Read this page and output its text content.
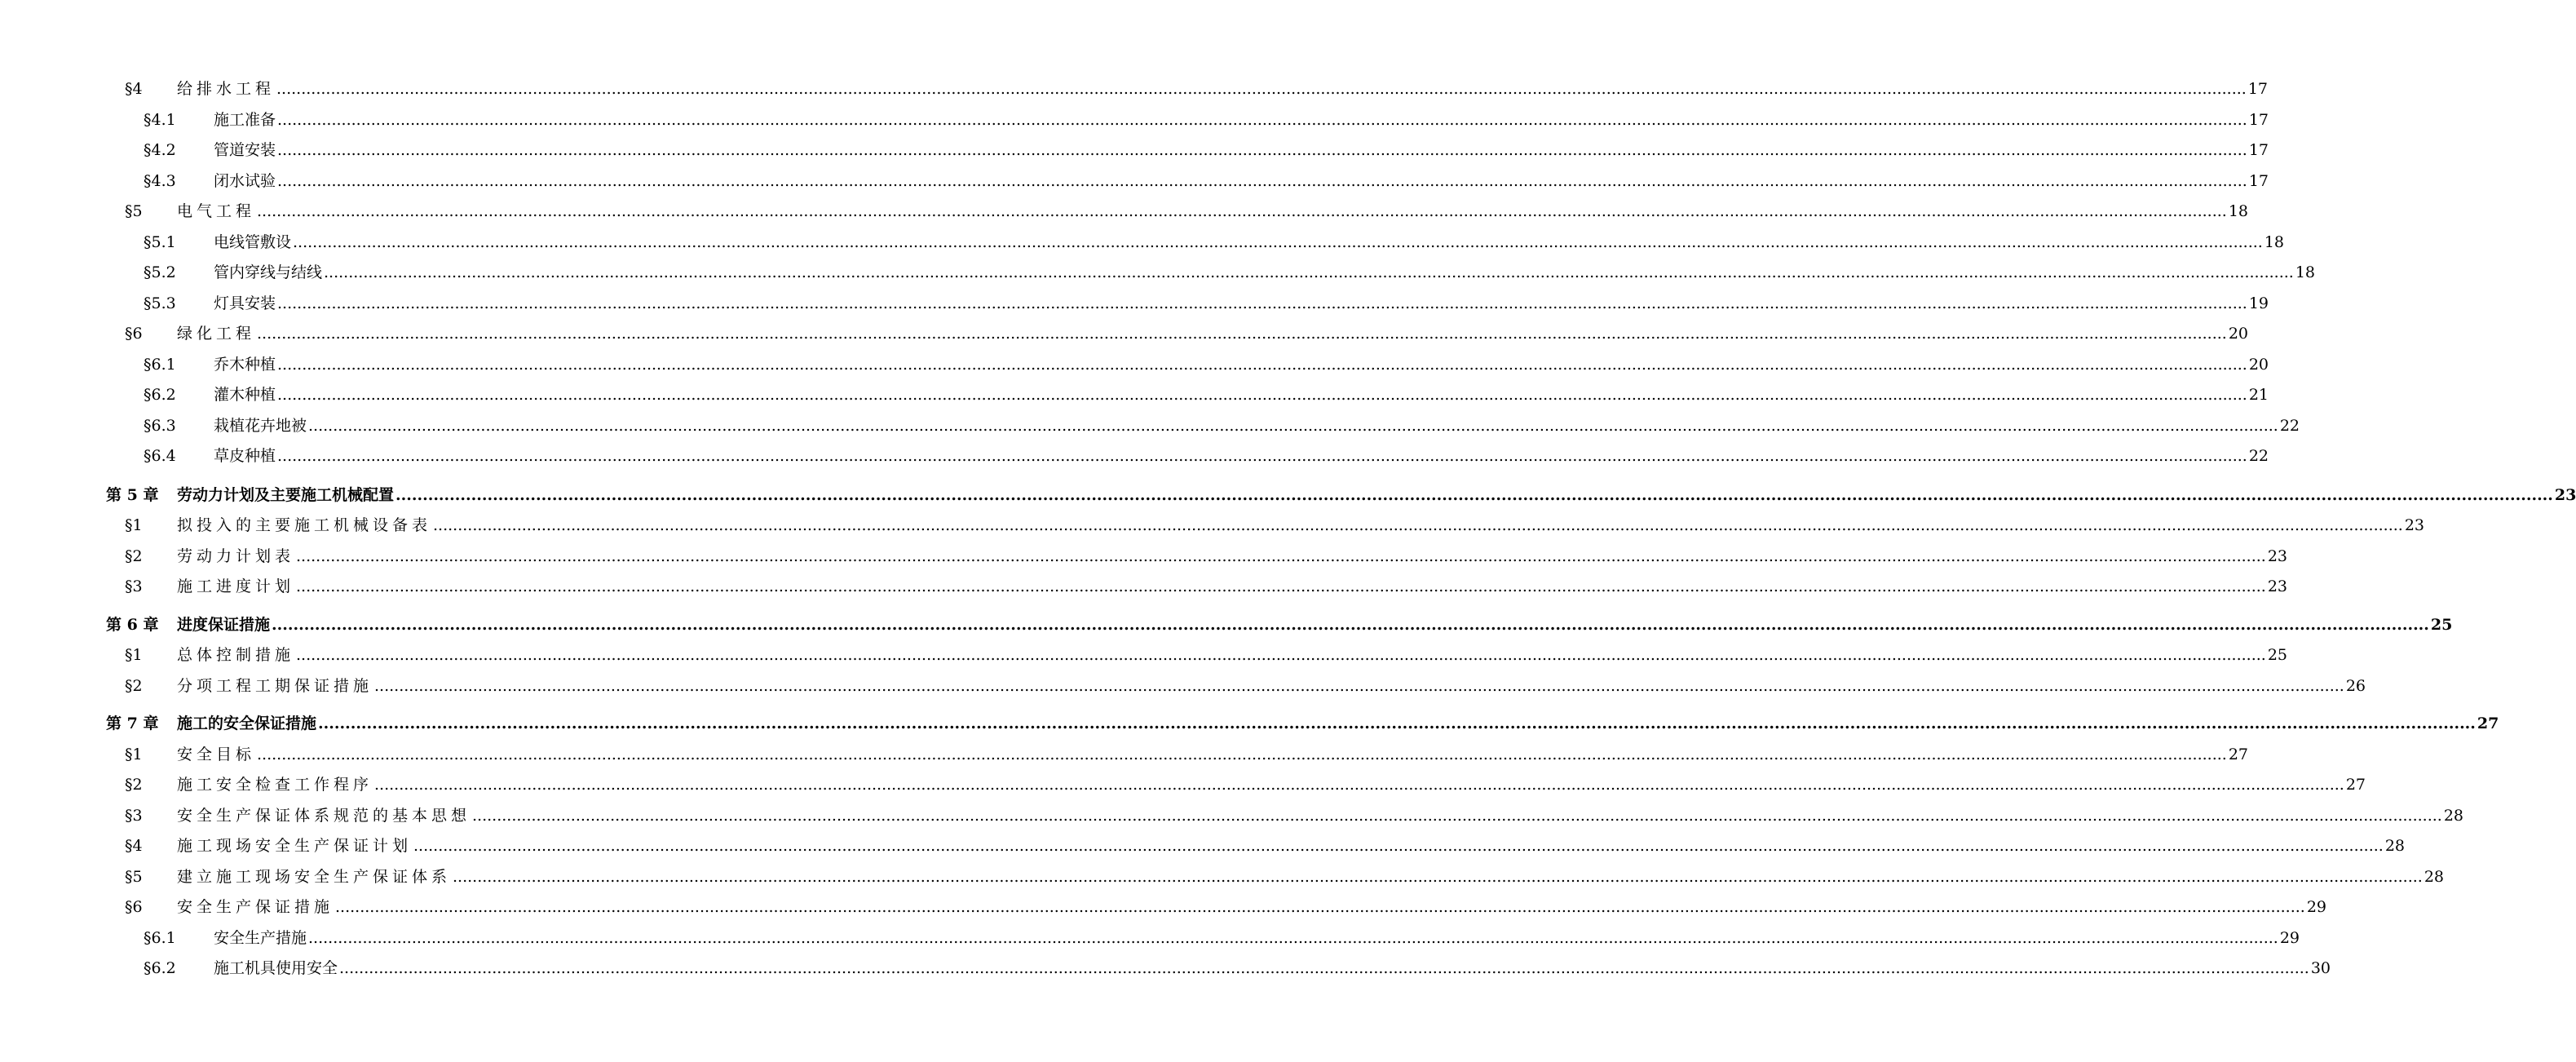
§4	给排水工程 ................................................................................................................................................................................................................................................................................................................................................................................................................ 17
§4.1	施工准备 ................................................................................................................................................................................................................................................................................................................................................................................................................ 17
§4.2	管道安装 ................................................................................................................................................................................................................................................................................................................................................................................................................ 17
§4.3	闭水试验 ................................................................................................................................................................................................................................................................................................................................................................................................................ 17
§5	电气工程 ................................................................................................................................................................................................................................................................................................................................................................................................................ 18
§5.1	电线管敷设 ................................................................................................................................................................................................................................................................................................................................................................................................................ 18
§5.2	管内穿线与结线 ................................................................................................................................................................................................................................................................................................................................................................................................................ 18
§5.3	灯具安装 ................................................................................................................................................................................................................................................................................................................................................................................................................ 19
§6	绿化工程 ................................................................................................................................................................................................................................................................................................................................................................................................................ 20
§6.1	乔木种植 ................................................................................................................................................................................................................................................................................................................................................................................................................ 20
§6.2	灌木种植 ................................................................................................................................................................................................................................................................................................................................................................................................................ 21
§6.3	栽植花卉地被 ................................................................................................................................................................................................................................................................................................................................................................................................................ 22
§6.4	草皮种植 ................................................................................................................................................................................................................................................................................................................................................................................................................ 22
第 5 章	劳动力计划及主要施工机械配置 ................................................................................................................................................................................................................................................................................................................................................................................................................ 23
§1	拟投入的主要施工机械设备表 ................................................................................................................................................................................................................................................................................................................................................................................................................ 23
§2	劳动力计划表 ................................................................................................................................................................................................................................................................................................................................................................................................................ 23
§3	施工进度计划 ................................................................................................................................................................................................................................................................................................................................................................................................................ 23
第 6 章	进度保证措施 ................................................................................................................................................................................................................................................................................................................................................................................................................ 25
§1	总体控制措施 ................................................................................................................................................................................................................................................................................................................................................................................................................ 25
§2	分项工程工期保证措施 ................................................................................................................................................................................................................................................................................................................................................................................................................ 26
第 7 章	施工的安全保证措施 ................................................................................................................................................................................................................................................................................................................................................................................................................ 27
§1	安全目标 ................................................................................................................................................................................................................................................................................................................................................................................................................ 27
§2	施工安全检查工作程序 ................................................................................................................................................................................................................................................................................................................................................................................................................ 27
§3	安全生产保证体系规范的基本思想 ................................................................................................................................................................................................................................................................................................................................................................................................................ 28
§4	施工现场安全生产保证计划 ................................................................................................................................................................................................................................................................................................................................................................................................................ 28
§5	建立施工现场安全生产保证体系 ................................................................................................................................................................................................................................................................................................................................................................................................................ 28
§6	安全生产保证措施 ................................................................................................................................................................................................................................................................................................................................................................................................................ 29
§6.1	安全生产措施 ................................................................................................................................................................................................................................................................................................................................................................................................................ 29
§6.2	施工机具使用安全 ................................................................................................................................................................................................................................................................................................................................................................................................................ 30
